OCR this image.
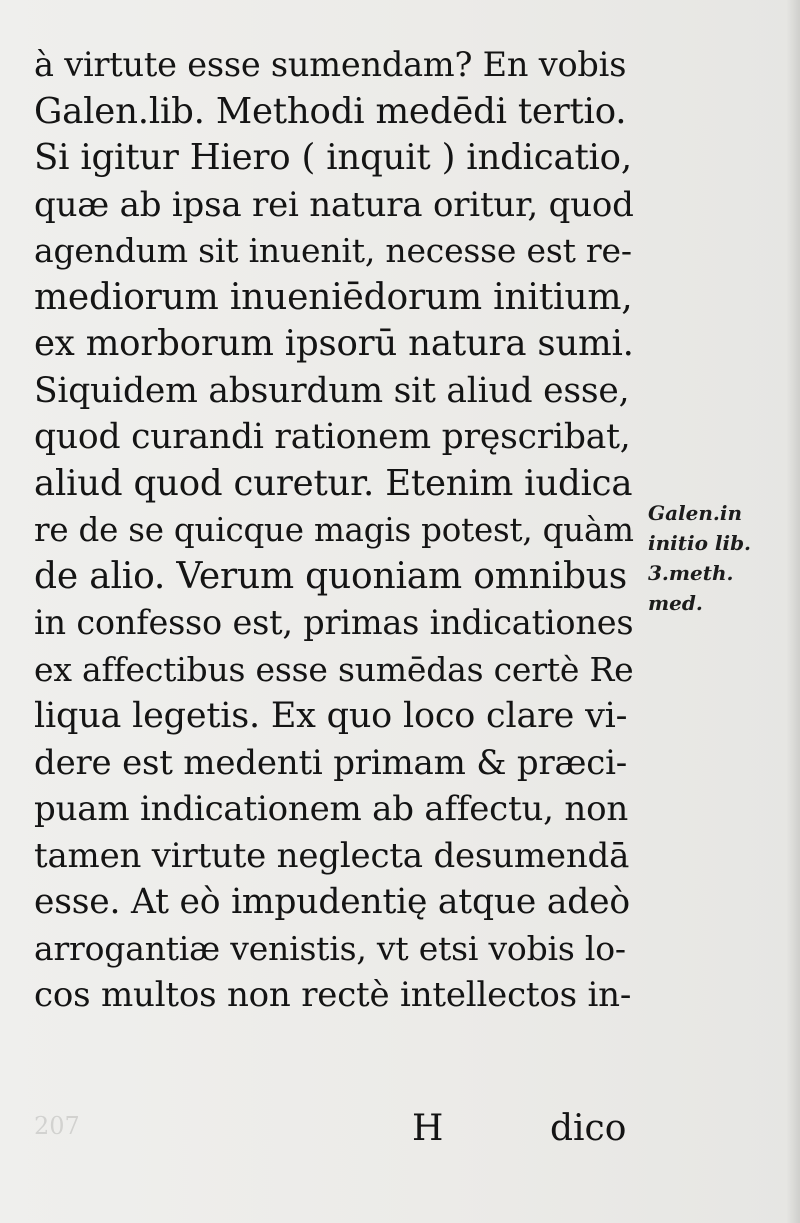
207
à virtute esse sumendam? En vobis
Galen.lib. Methodi medēdi tertio.
Si igitur Hiero ( inquit ) indicatio,
quæ ab ipsa rei natura oritur, quod
agendum sit inuenit, necesse est re-
mediorum inueniēdorum initium,
ex morborum ipsorū natura sumi.
Siquidem absurdum sit aliud esse,
quod curandi rationem pręscribat,
aliud quod curetur. Etenim iudica
re de se quicque magis potest, quàm
de alio. Verum quoniam omnibus
in confesso est, primas indicationes
ex affectibus esse sumēdas certè Re
liqua legetis. Ex quo loco clare vi-
dere est medenti primam & præci-
puam indicationem ab affectu, non
tamen virtute neglecta desumendā
esse. At eò impudentię atque adeò
arrogantiæ venistis, vt etsi vobis lo-
cos multos non rectè intellectos in-
Galen.in
initio lib.
3.meth.
med.
H	dico
